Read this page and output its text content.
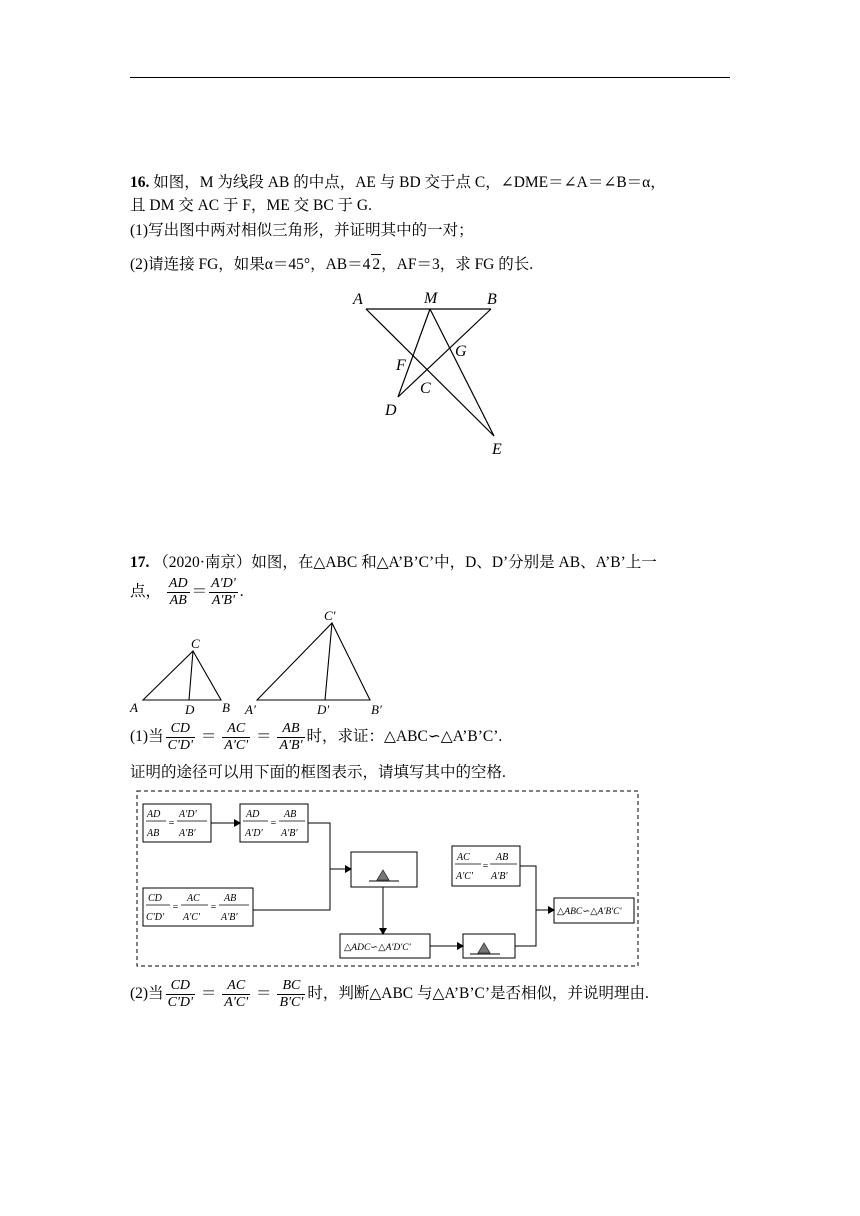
16. 如图，M 为线段 AB 的中点，AE 与 BD 交于点 C，∠DME＝∠A＝∠B＝α，
且 DM 交 AC 于 F，ME 交 BC 于 G.
(1)写出图中两对相似三角形，并证明其中的一对；
(2)请连接 FG，如果α＝45°，AB＝4 2，AF＝3，求 FG 的长.
A	M	B
F
G
C
D
E
17. （2020·南京）如图，在△ABC 和△A’B’C’中，D、D’分别是 AB、A’B’上一
点， $\frac{AD}{AB} = \frac{A'D'}{A'B'}$ .
A
C
D B A′
C′
D′	B′
(1)当 $\frac{CD}{C'D'} = \frac{AC}{A'C'} = \frac{AB}{A'B'}$ 时，求证：△ABC∽△A’B’C’.
证明的途径可以用下面的框图表示，请填写其中的空格.
AD
AB
=
A'D'
A'B'
AD
A'D'
=
AB
A'B'
CD
C'D'
=
AC
A'C'
=
AB
A'B'
△ADC∽△A'D'C'
AC
A'C'
=
AB
A'B'
△ABC∽△A'B'C'
(2)当 $\frac{CD}{C'D'} = \frac{AC}{A'C'} = \frac{BC}{B'C'}$ 时，判断△ABC 与△A’B’C’是否相似，并说明理由.
